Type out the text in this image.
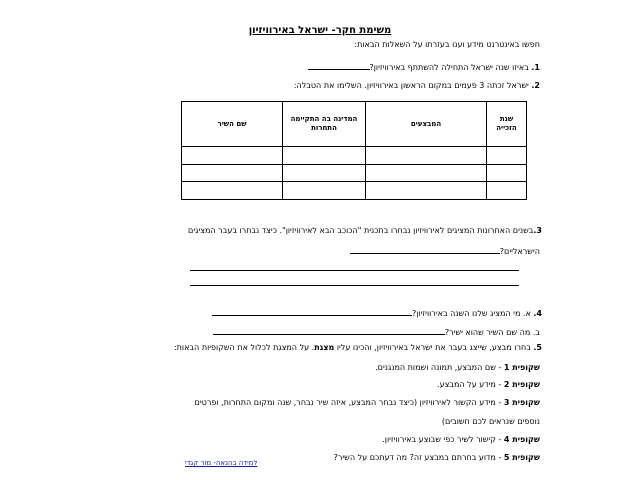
משימת חקר- ישראל באירוויזיון
חפשו באינטרנט מידע וענו בעזרתו על השאלות הבאות:
1. באיזו שנה ישראל התחילה להשתתף באירוויזיון?
2. ישראל זכתה 3 פעמים במקום הראשון באירוויזיון. השלימו את הטבלה:
שנת הזכייה	המבצעים	המדינה בה התקיימה התחרות	שם השיר

3.בשנים האחרונות המציגים לאירוויזיון נבחרו בתכנית "הכוכב הבא לאירוויזיון". כיצד נבחרו בעבר המציגים
הישראליים?
4. א. מי המציג שלנו השנה באירוויזיון?
ב. מה שם השיר שהוא ישיר?
5. בחרו מבצע, שייצג בעבר את ישראל באירוויזיון, והכינו עליו מצגת. על המצגת לכלול את השקופיות הבאות:
שקופית 1 - שם המבצע, תמונה ושמות המנגנים.
שקופית 2 - מידע על המבצע.
שקופית 3 - מידע הקשור לאירוויזיון (כיצד נבחר המבצע, איזה שיר נבחר, שנה ומקום התחרות, ופרטים
נוספים שנראים לכם חשובים)
שקופית 4 - קישור לשיר כפי שבוצע באירוויזיון.
שקופית 5 - מדוע בחרתם במבצע זה? מה דעתכם על השיר?
למידה בהנאה- מור קגדי
